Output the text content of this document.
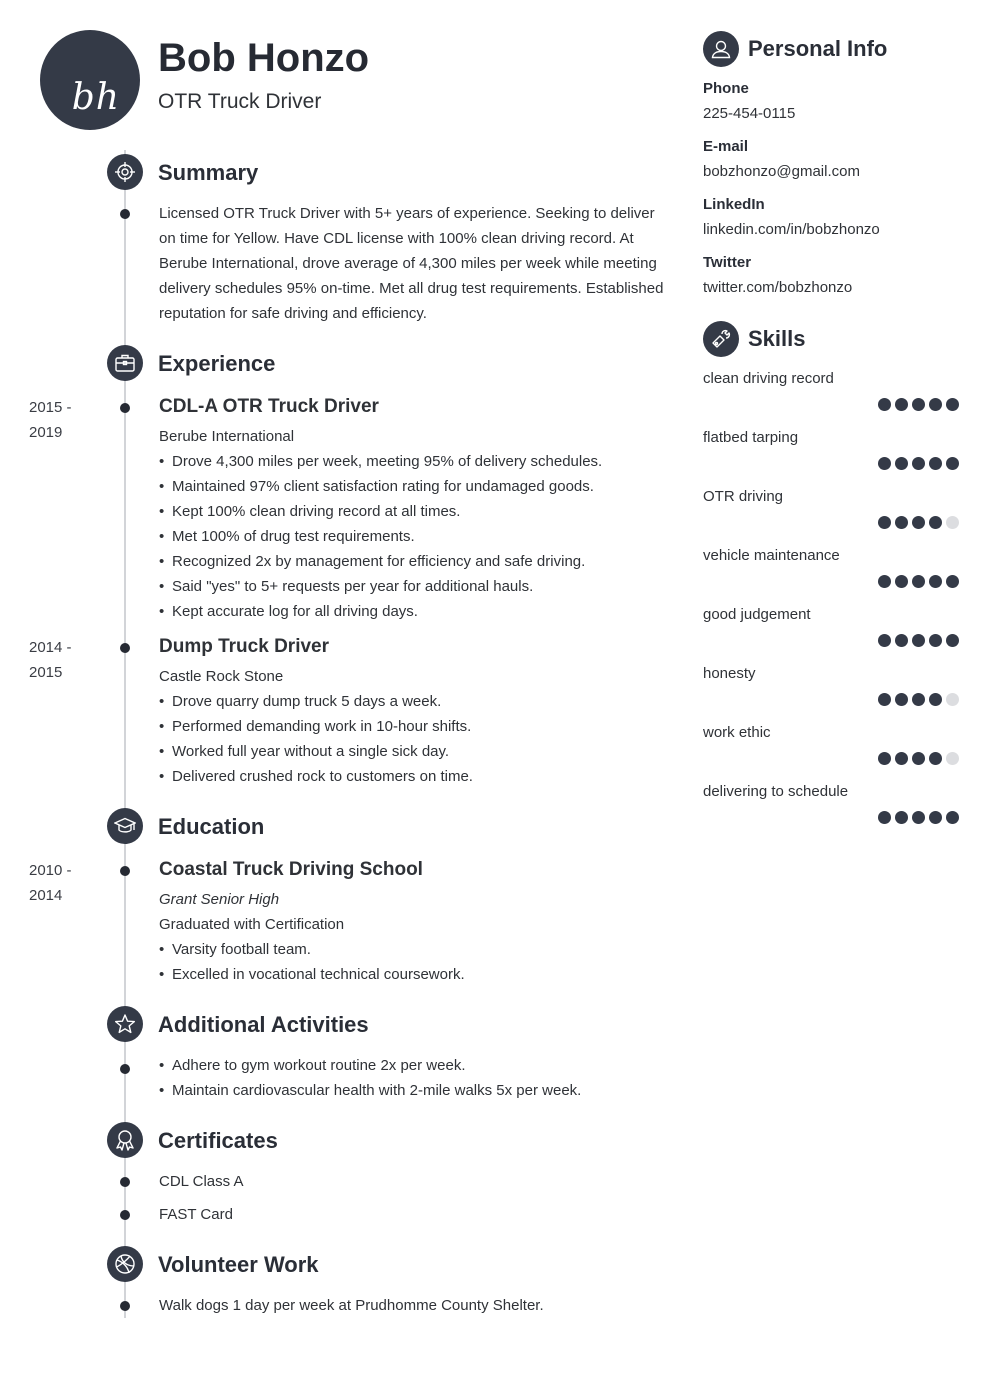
bh
Bob Honzo
OTR Truck Driver
Summary
Licensed OTR Truck Driver with 5+ years of experience. Seeking to deliver on time for Yellow. Have CDL license with 100% clean driving record. At Berube International, drove average of 4,300 miles per week while meeting delivery schedules 95% on-time. Met all drug test requirements. Established reputation for safe driving and efficiency.
Experience
2015 -
2019
CDL-A OTR Truck Driver
Berube International
• Drove 4,300 miles per week, meeting 95% of delivery schedules.
• Maintained 97% client satisfaction rating for undamaged goods.
• Kept 100% clean driving record at all times.
• Met 100% of drug test requirements.
• Recognized 2x by management for efficiency and safe driving.
• Said "yes" to 5+ requests per year for additional hauls.
• Kept accurate log for all driving days.
2014 -
2015
Dump Truck Driver
Castle Rock Stone
• Drove quarry dump truck 5 days a week.
• Performed demanding work in 10-hour shifts.
• Worked full year without a single sick day.
• Delivered crushed rock to customers on time.
Education
2010 -
2014
Coastal Truck Driving School
Grant Senior High
Graduated with Certification
• Varsity football team.
• Excelled in vocational technical coursework.
Additional Activities
• Adhere to gym workout routine 2x per week.
• Maintain cardiovascular health with 2-mile walks 5x per week.
Certificates
CDL Class A
FAST Card
Volunteer Work
Walk dogs 1 day per week at Prudhomme County Shelter.
Personal Info
Phone
225-454-0115
E-mail
bobzhonzo@gmail.com
LinkedIn
linkedin.com/in/bobzhonzo
Twitter
twitter.com/bobzhonzo
Skills
clean driving record
flatbed tarping
OTR driving
vehicle maintenance
good judgement
honesty
work ethic
delivering to schedule
